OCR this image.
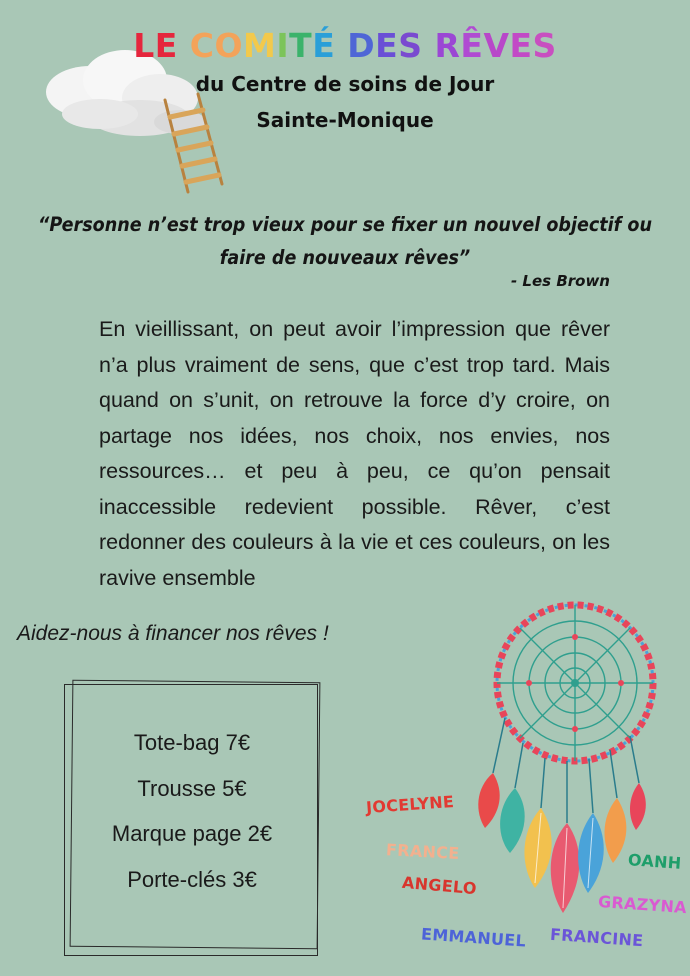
LE COMITÉ DES RÊVES
du Centre de soins de Jour
Sainte-Monique
“Personne n’est trop vieux pour se fixer un nouvel objectif ou faire de nouveaux rêves”
- Les Brown
En vieillissant, on peut avoir l’impression que rêver n’a plus vraiment de sens, que c’est trop tard. Mais quand on s’unit, on retrouve la force d’y croire, on partage nos idées, nos choix, nos envies, nos ressources… et peu à peu, ce qu’on pensait inaccessible redevient possible. Rêver, c’est redonner des couleurs à la vie et ces couleurs, on les ravive ensemble
Aidez-nous à financer nos rêves !
Tote-bag 7€
Trousse 5€
Marque page 2€
Porte-clés 3€
JOCELYNE
FRANCE
ANGELO
EMMANUEL FRANCINE
GRAZYNA
OANH
